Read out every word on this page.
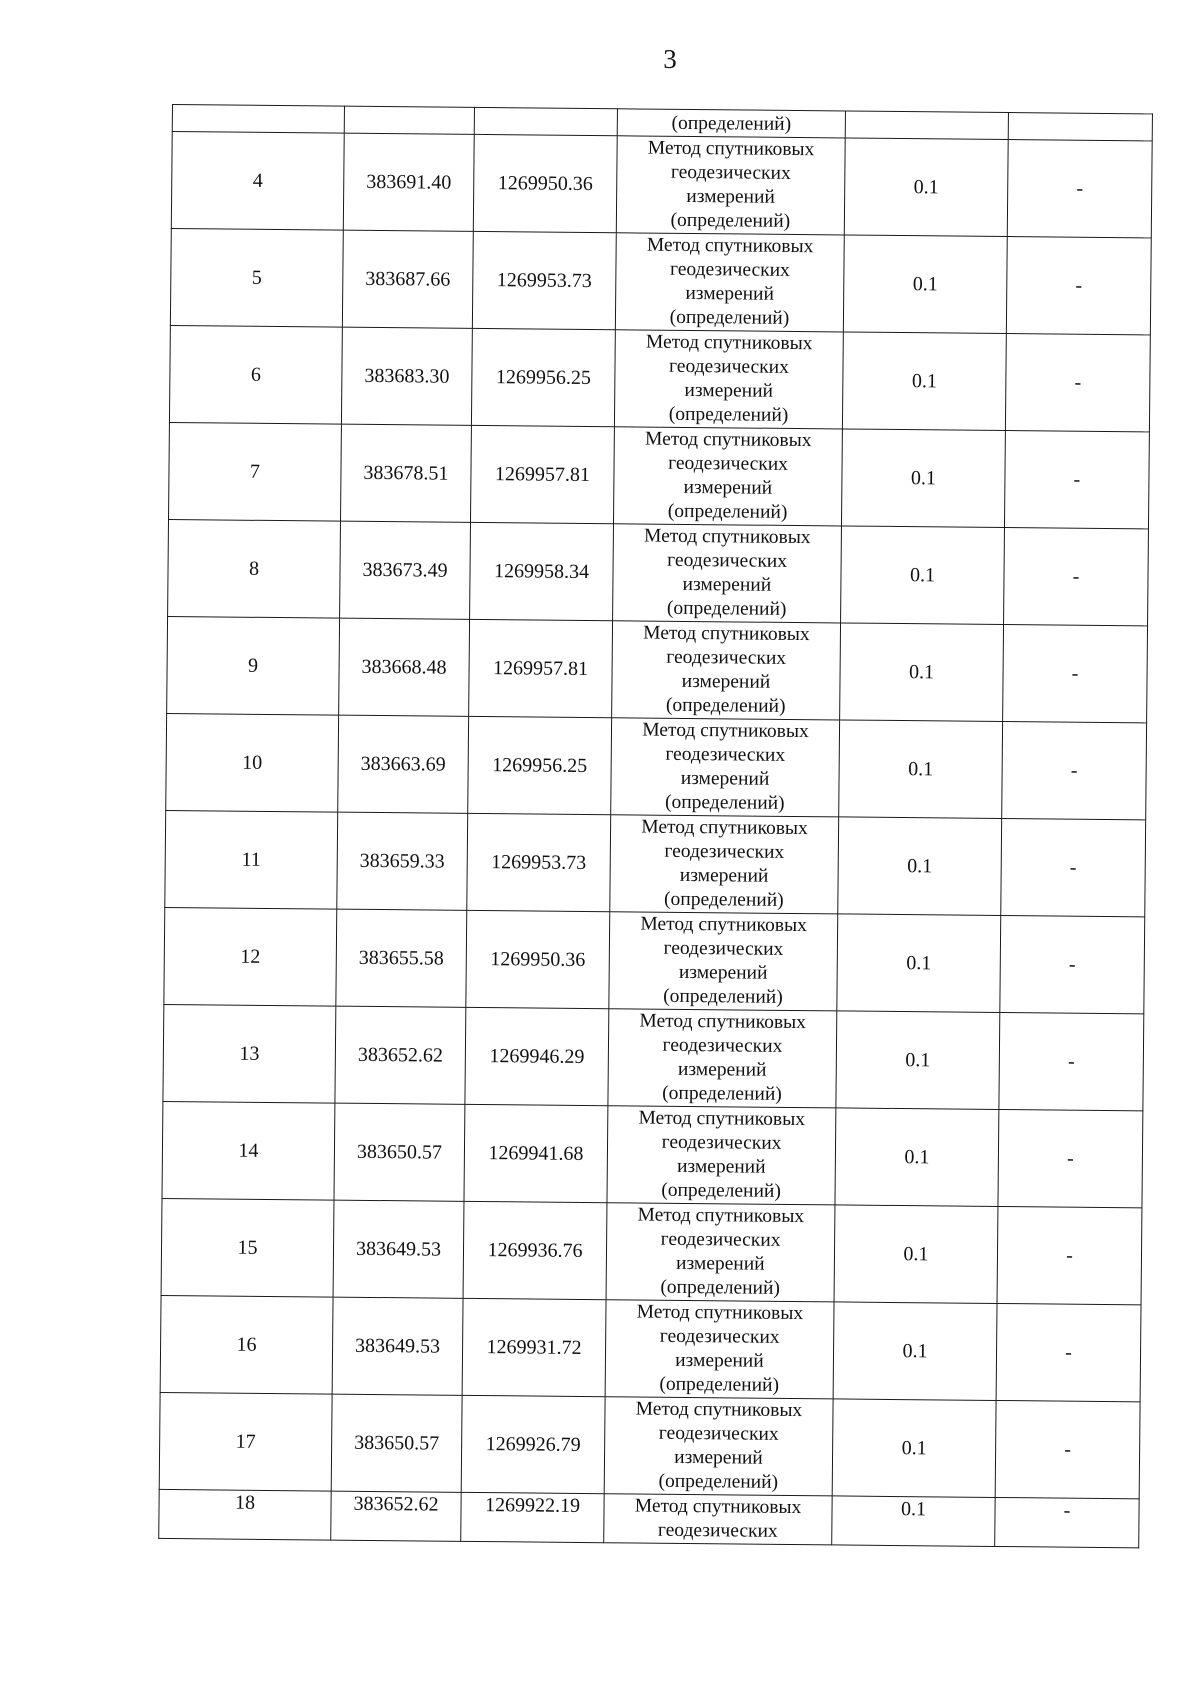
3

			(определений)		

4	383691.40	1269950.36	Метод спутниковых
геодезических
измерений
(определений)	0.1	-
5	383687.66	1269953.73	Метод спутниковых
геодезических
измерений
(определений)	0.1	-
6	383683.30	1269956.25	Метод спутниковых
геодезических
измерений
(определений)	0.1	-
7	383678.51	1269957.81	Метод спутниковых
геодезических
измерений
(определений)	0.1	-
8	383673.49	1269958.34	Метод спутниковых
геодезических
измерений
(определений)	0.1	-
9	383668.48	1269957.81	Метод спутниковых
геодезических
измерений
(определений)	0.1	-
10	383663.69	1269956.25	Метод спутниковых
геодезических
измерений
(определений)	0.1	-
11	383659.33	1269953.73	Метод спутниковых
геодезических
измерений
(определений)	0.1	-
12	383655.58	1269950.36	Метод спутниковых
геодезических
измерений
(определений)	0.1	-
13	383652.62	1269946.29	Метод спутниковых
геодезических
измерений
(определений)	0.1	-
14	383650.57	1269941.68	Метод спутниковых
геодезических
измерений
(определений)	0.1	-
15	383649.53	1269936.76	Метод спутниковых
геодезических
измерений
(определений)	0.1	-
16	383649.53	1269931.72	Метод спутниковых
геодезических
измерений
(определений)	0.1	-
17	383650.57	1269926.79	Метод спутниковых
геодезических
измерений
(определений)	0.1	-
18	383652.62	1269922.19	Метод спутниковых
геодезических	0.1	-
